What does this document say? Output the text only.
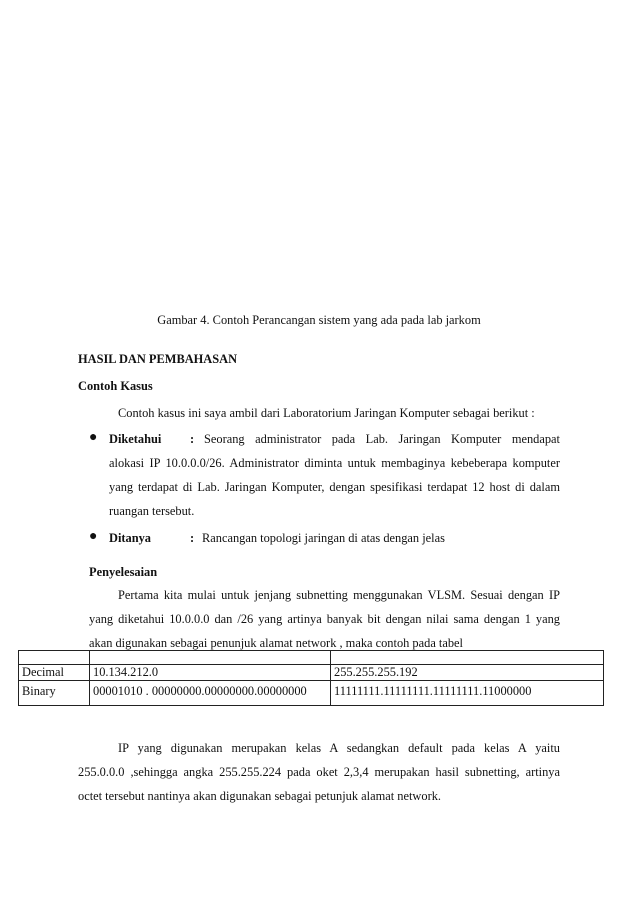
Gambar 4. Contoh Perancangan sistem yang ada pada lab jarkom
HASIL DAN PEMBAHASAN
Contoh Kasus
Contoh kasus ini saya ambil dari Laboratorium Jaringan Komputer sebagai berikut :
● Diketahui : Seorang administrator pada Lab. Jaringan Komputer mendapat
alokasi IP 10.0.0.0/26. Administrator diminta untuk membaginya kebeberapa komputer
yang terdapat di Lab. Jaringan Komputer, dengan spesifikasi terdapat 12 host di dalam
ruangan tersebut.
● Ditanya	: Rancangan topologi jaringan di atas dengan jelas
Penyelesaian
Pertama kita mulai untuk jenjang subnetting menggunakan VLSM. Sesuai dengan IP
yang diketahui 10.0.0.0 dan /26 yang artinya banyak bit dengan nilai sama dengan 1 yang
akan digunakan sebagai penunjuk alamat network , maka contoh pada tabel

Decimal	10.134.212.0	255.255.255.192
Binary	00001010 . 00000000.00000000.00000000	11111111.11111111.11111111.11000000
IP yang digunakan merupakan kelas A sedangkan default pada kelas A yaitu
255.0.0.0 ,sehingga angka 255.255.224 pada oket 2,3,4 merupakan hasil subnetting, artinya
octet tersebut nantinya akan digunakan sebagai petunjuk alamat network.
